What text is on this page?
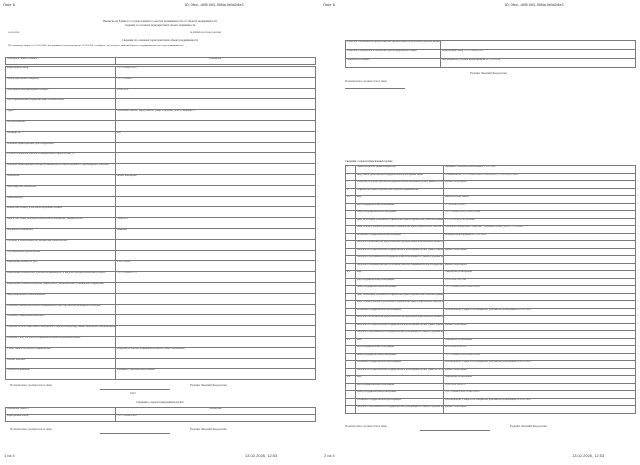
Лист 6	ID: 0fea...d4f5 4f41-95f4a.9c9a2f4e3
Выписка из Единого государственного реестра недвижимости об объекте недвижимости
Сведения об основных характеристиках объекта недвижимости
14.02.2026	№ КУВИ-001/2026-15451880
Сведения об основных характеристиках объекта недвижимости
На основании запроса от 13.02.2026, поступившего на рассмотрение 13.02.2026, сообщаем, что согласно записям Единого государственного реестра недвижимости:
Помещение (жилое/нежилое)	помещение
Кадастровый номер:	72:17:1508003:983
Номер кадастрового квартала:	72:17:1508003
Дата присвоения кадастрового номера:	30.06.2016
Ранее присвоенный государственный учетный номер:	
Адрес:	Тюменская область, город Тюмень, улица Федюнина, дом 53, квартира 72
Местоположение:	
Площадь, м²:	44.1
Основная характеристика (для сооружения):	
Степень готовности объекта незавершенного строительства, %:	
Основная характеристика объекта незавершенного строительства и ее проектируемое значение:	
Назначение:	Жилое помещение
Проектируемое назначение:	
Наименование:	
Количество этажей, в том числе подземных этажей:	
Номер, тип этажа, на котором расположено помещение, машино-место:	Этаж № 6
Вид жилого помещения:	Квартира
Год ввода в эксплуатацию по завершении строительства:	
Год завершения строительства:	
Кадастровая стоимость, руб.:	4 563 814.64
Кадастровые номера иных объектов недвижимости, в пределах которых расположен объект:	72:17:1508003:713
Кадастровые номера помещений, машино-мест, расположенных в здании или сооружении:	
Виды разрешенного использования:	
Сведения о включении объекта недвижимости в реестр объектов культурного наследия:	
Сведения о кадастровом инженере:	
Сведения об отнесении жилого помещения к определенному виду жилых помещений специализирова	
Сведения о том, что объект недвижимости является наемным домом:	
Статус записи об объекте недвижимости:	Сведения об объекте недвижимости имеют статус «актуальные»
Особые отметки:	
Получатель выписки:	Шукшина Анастасия Вячеславовна
Полномочное должностное лицо	Руденко Зиновий Федорович
М.П.
Сведения о зарегистрированных правах
Помещение (жилое)	Помещение
Кадастровый номер:	72:17:1508003:983
Полномочное должностное лицо	Руденко Зиновий Федорович
1 из 4	13.02.2026, 12:53
Лист 6	ID: 0fea...d4f5 4f41-95f4a.9c9a2f4e3
Сведения о возможности предоставления третьим лицам персональных данных физич	
Сведения о возражении в отношении зарегистрированного права:	Кадастровый номер 72:17:1508003:983
Документ-основание:	Вид документа: Договор купли-продажи от 17.05.2024
Руденко Зиновий Федорович
Полномочное должностное лицо
Сведения о зарегистрированных правах
1.	Правообладатель (правообладатели):	Шукшина Анастасия Вячеславовна, 12.07.1994
2.	Вид, номер, дата и время государственной регистрации права:	Собственность 72:17:1508003:983-72/041/2024-3, 17.05.2024 11:06:19
3.	Сведения об осуществлении государственной регистрации сделки, права без нео	данные отсутствуют
4.	Ограничение прав и обременение объекта недвижимости:	
4.1	вид:	Ипотека в силу закона
	дата государственной регистрации:	17.05.2024 11:06:19
	номер государственной регистрации:	72:17:1508003:983-72/041/2024-4
	срок, на который установлено ограничение прав и обременение объекта недвижимости:	с 17.05.2024 на 240 месяцев
	лицо, в пользу которого установлено ограничение прав и обременение объекта	Публичное акционерное общество "Сбербанк России", ИНН: 7707083893
	основание государственной регистрации:	Договор купли-продажи от 17.05.2024
	сведения о возможности предоставления третьим лицам персональных данных	
	сведения об осуществлении государственной регистрации сделки, права, огран	данные отсутствуют
	сведения о невозможности государственной регистрации без личного участия пр	
	сведения о наличии решения об изъятии объекта недвижимости для государстве	данные отсутствуют
4.2	вид:	Запрещение регистрации
	дата государственной регистрации:	03.02.2026 10:12:44
	номер государственной регистрации:	72:17:1508003:983-72/041/2026-5
	срок, на который установлено ограничение прав и обременение объекта недвижимости:	
	лицо, в пользу которого установлено ограничение прав и обременение объекта	
	основание государственной регистрации:	Постановление о запрете на совершение действий по регистрации от 02.02.2026
	сведения о возможности предоставления третьим лицам персональных данных	
	сведения об осуществлении государственной регистрации сделки, права, огран	данные отсутствуют
	сведения о невозможности государственной регистрации без личного участия пр	
4.3	вид:	Запрещение регистрации
	дата государственной регистрации:	06.02.2026 09:41:03
	номер государственной регистрации:	72:17:1508003:983-72/041/2026-6
	основание государственной регистрации:	Постановление о запрете на совершение действий по регистрации от 05.02.2026
	сведения об осуществлении государственной регистрации сделки, права без нео	данные отсутствуют
4.4	вид:	Запрещение регистрации
	дата государственной регистрации:	10.02.2026 14:20:37
	номер государственной регистрации:	72:17:1508003:983-72/041/2026-7
	основание государственной регистрации:	Постановление о запрете на совершение действий по регистрации от 09.02.2026
	сведения о невозможности государственной регистрации без личного участия пр	данные отсутствуют
Полномочное должностное лицо	Руденко Зиновий Федорович
2 из 4	13.02.2026, 12:53
